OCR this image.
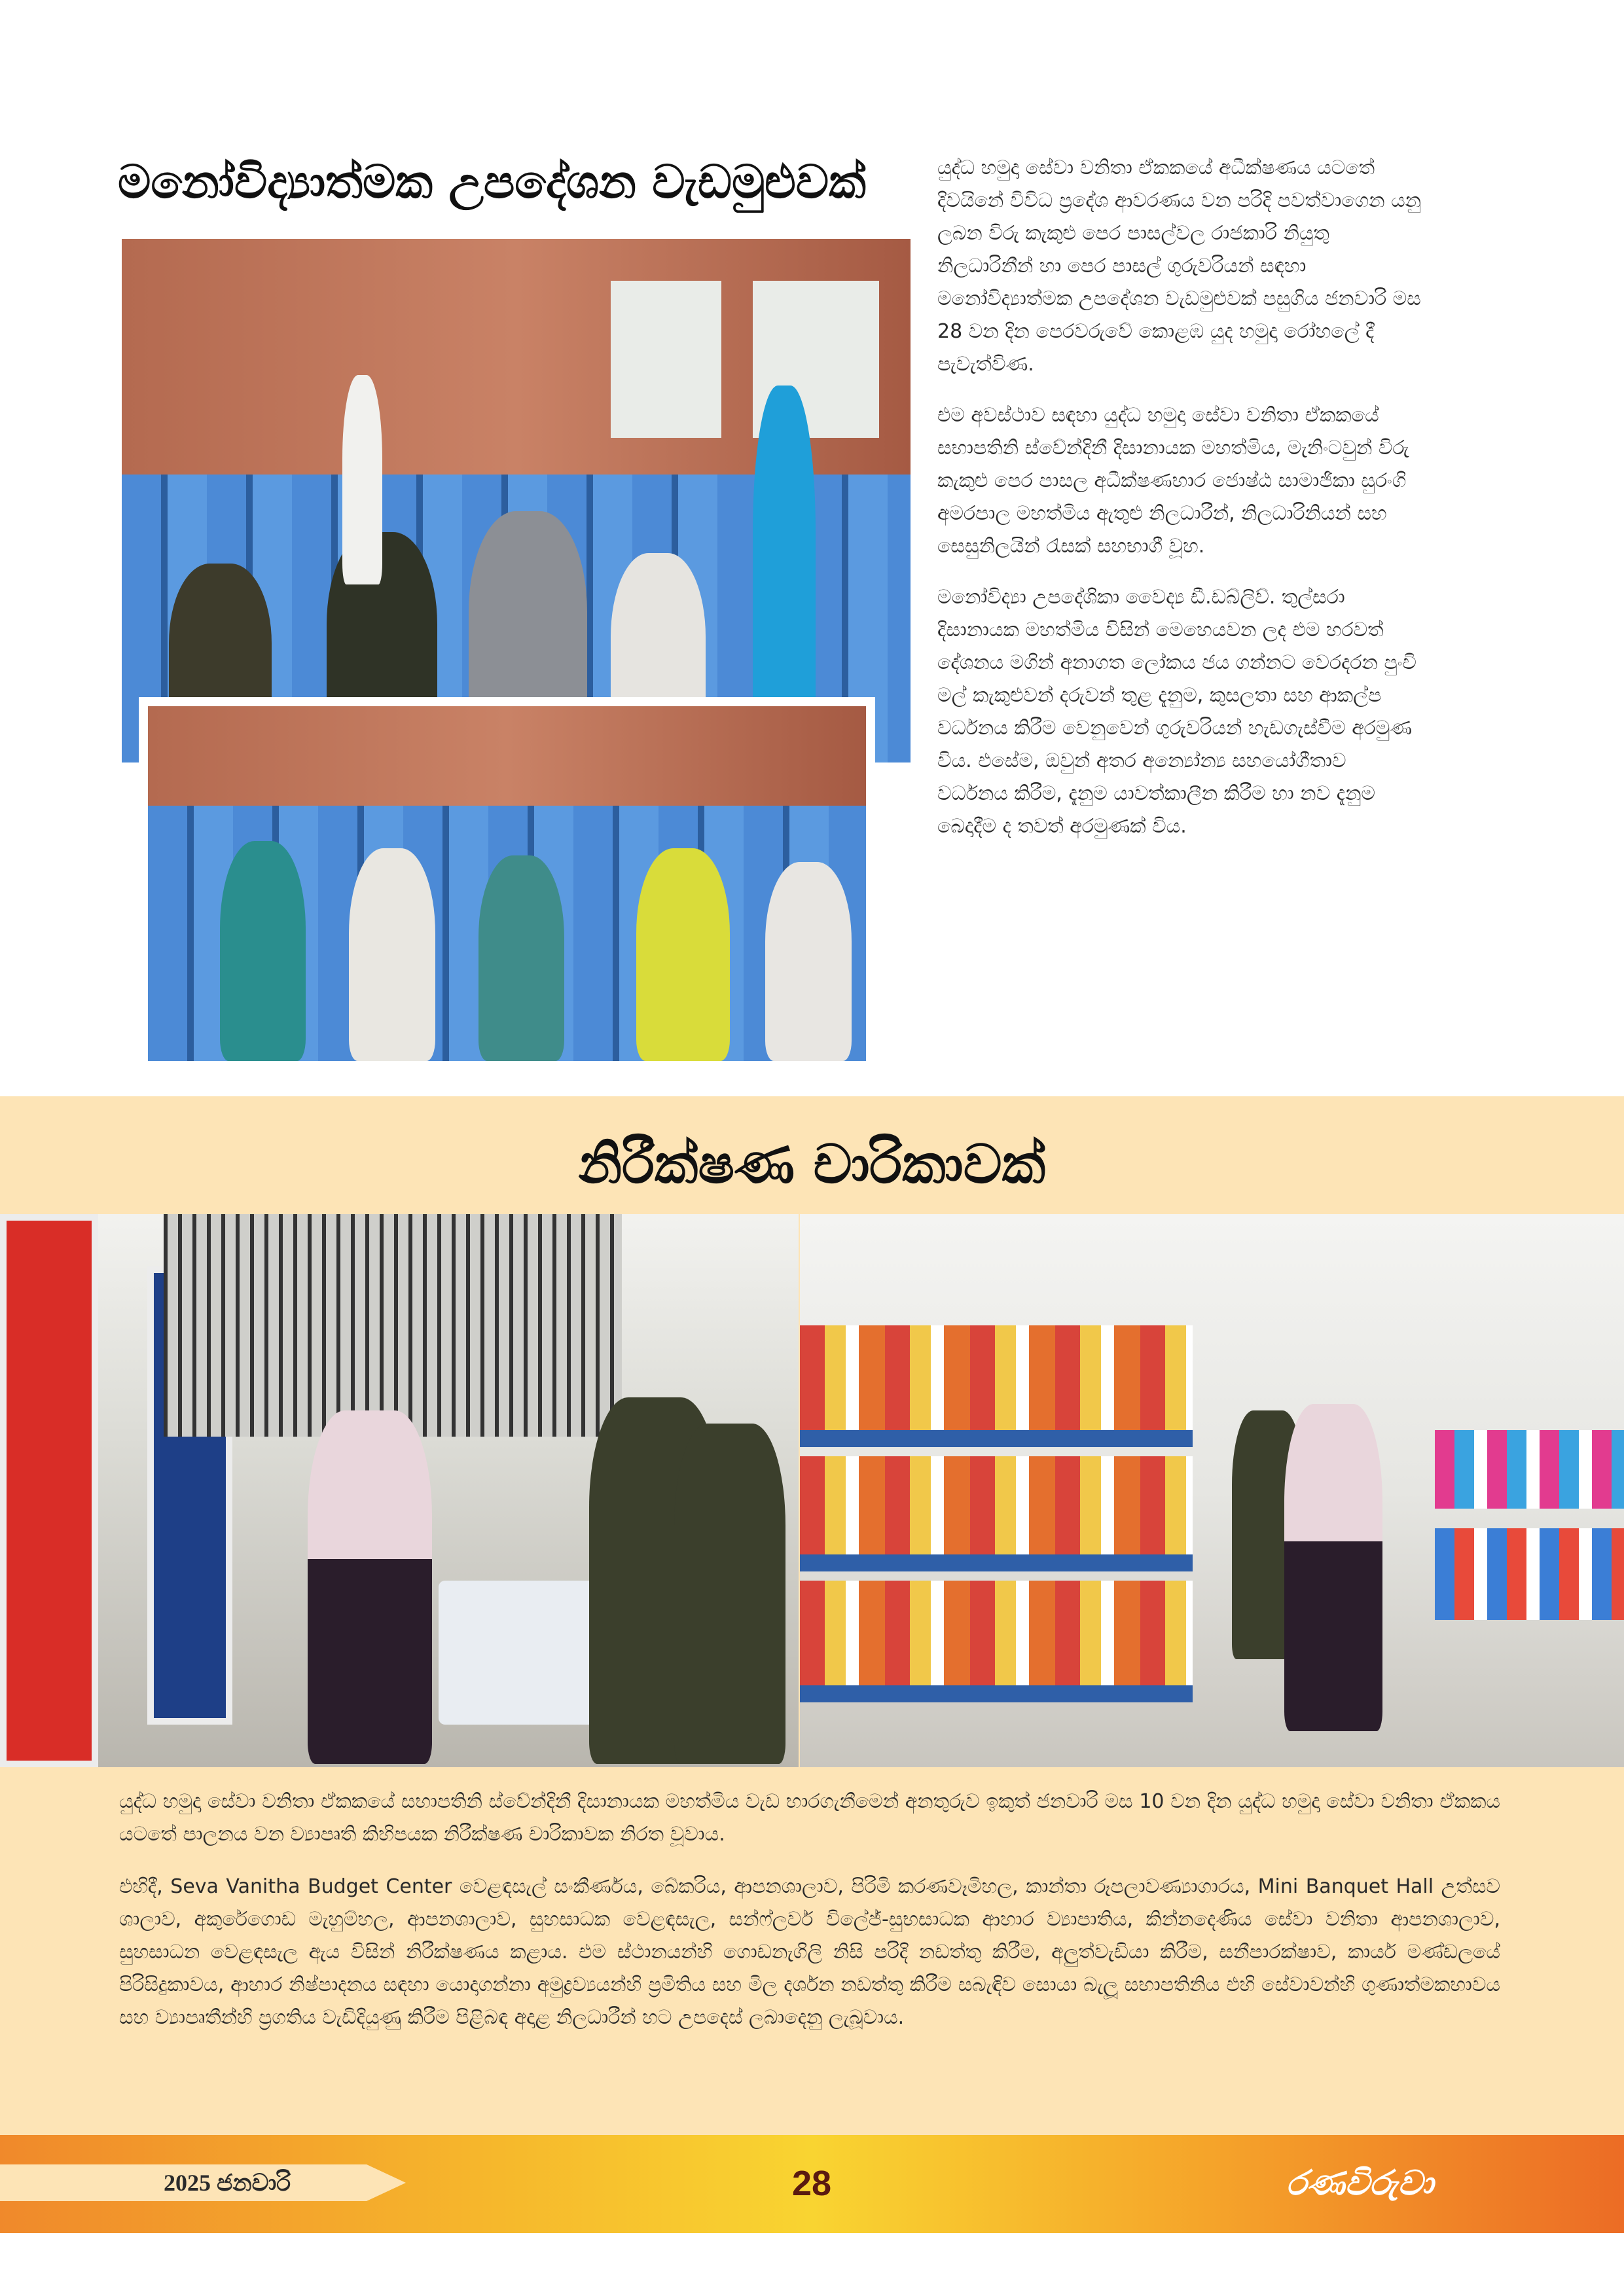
මනෝවිද්‍යාත්මක උපදේශන වැඩමුළුවක්	යුද්ධ හමුදා සේවා වනිතා ඒකකයේ අධීක්ෂණය යටතේ දිවයිනේ විවිධ ප්‍රදේශ ආවරණය වන පරිදි පවත්වාගෙන යනු ලබන විරු කැකුළු පෙර පාසල්වල රාජකාරි නියුතු නිලධාරිනීන් හා පෙර පාසල් ගුරුවරියන් සඳහා මනෝවිද්‍යාත්මක උපදේශන වැඩමුළුවක් පසුගිය ජනවාරි මස 28 වන දින පෙරවරුවේ කොළඹ යුද හමුදා රෝහලේ දී පැවැත්විණ.

එම අවස්ථාව සඳහා යුද්ධ හමුදා සේවා වනිතා ඒකකයේ සභාපතිනි ස්වේන්දිනී දිසානායක මහත්මිය, මැනිංටවුන් විරු කැකුළු පෙර පාසල අධීක්ෂණභාර ජොෂ්ඨ සාමාජිකා සුරංගි අමරපාල මහත්මිය ඇතුළු නිලධාරීන්, නිලධාරිනියන් සහ සෙසුනිලයින් රැසක් සහභාගී වූහ.

මනෝවිද්‍යා උපදේශිකා වෛද්‍ය ඩී.ඩබ්ලිව්. තුල්සරා දිසානායක මහත්මිය විසින් මෙහෙයවන ලද එම හරවත් දේශනය මගින් අනාගත ලෝකය ජය ගන්නට වෙරදරන පුංචි මල් කැකුළුවන් දරුවන් තුළ දැනුම, කුසලතා සහ ආකල්ප වර්ධනය කිරීම වෙනුවෙන් ගුරුවරියන් හැඩගැස්වීම අරමුණ විය. එසේම, ඔවුන් අතර අන්‍යෝන්‍ය සහයෝගීතාව වර්ධනය කිරීම, දැනුම යාවත්කාලීන කිරීම හා නව දැනුම බෙදාදීම ද තවත් අරමුණක් විය.

නිරීක්ෂණ චාරිකාවක්

යුද්ධ හමුදා සේවා වනිතා ඒකකයේ සභාපතිනි ස්වේන්දිනී දිසානායක මහත්මිය වැඩ භාරගැනීමෙන් අනතුරුව ඉකුත් ජනවාරි මස 10 වන දින යුද්ධ හමුදා සේවා වනිතා ඒකකය යටතේ පාලනය වන ව්‍යාපෘති කිහිපයක නිරීක්ෂණ චාරිකාවක නිරත වූවාය.

එහිදී, Seva Vanitha Budget Center වෙළඳසැල් සංකීර්ණය, බේකරිය, ආපනශාලාව, පිරිමි කරණවෑමිහල, කාන්තා රූපලාවණ්‍යාගාරය, Mini Banquet Hall උත්සව ශාලාව, අකුරේගොඩ මැහුම්හල, ආපනශාලාව, සුහසාධක වෙළඳසැල, සන්ෆ්ලවර් විලේජ්-සුභසාධක ආහාර ව්‍යාපාතිය, කින්නදෙණිය සේවා වනිතා ආපනශාලාව, සුහසාධන වෙළඳසැල ඇය විසින් නිරීක්ෂණය කළාය. එම ස්ථානයන්හි ගොඩනැගිලි නිසි පරිදි නඩත්තු කිරීම, අලුත්වැඩියා කිරීම, සනීපාරක්ෂාව, කාර්ය මණ්ඩලයේ පිරිසිදුකාවය, ආහාර නිෂ්පාදනය සඳහා යොදාගන්නා අමුද්‍රව්‍යයන්හි ප්‍රමිතිය සහ මිල දර්ශන නඩත්තු කිරීම සබැඳිව සොයා බැලූ සභාපතිනිය එහි සේවාවන්හි ගුණාත්මකභාවය සහ ව්‍යාපෘතීන්හි ප්‍රගතිය වැඩිදියුණු කිරීම පිළිබඳ අදාළ නිලධාරීන් හට උපදෙස් ලබාදෙනු ලැබූවාය.

2025 ජනවාරි	28	රණවිරුවා
